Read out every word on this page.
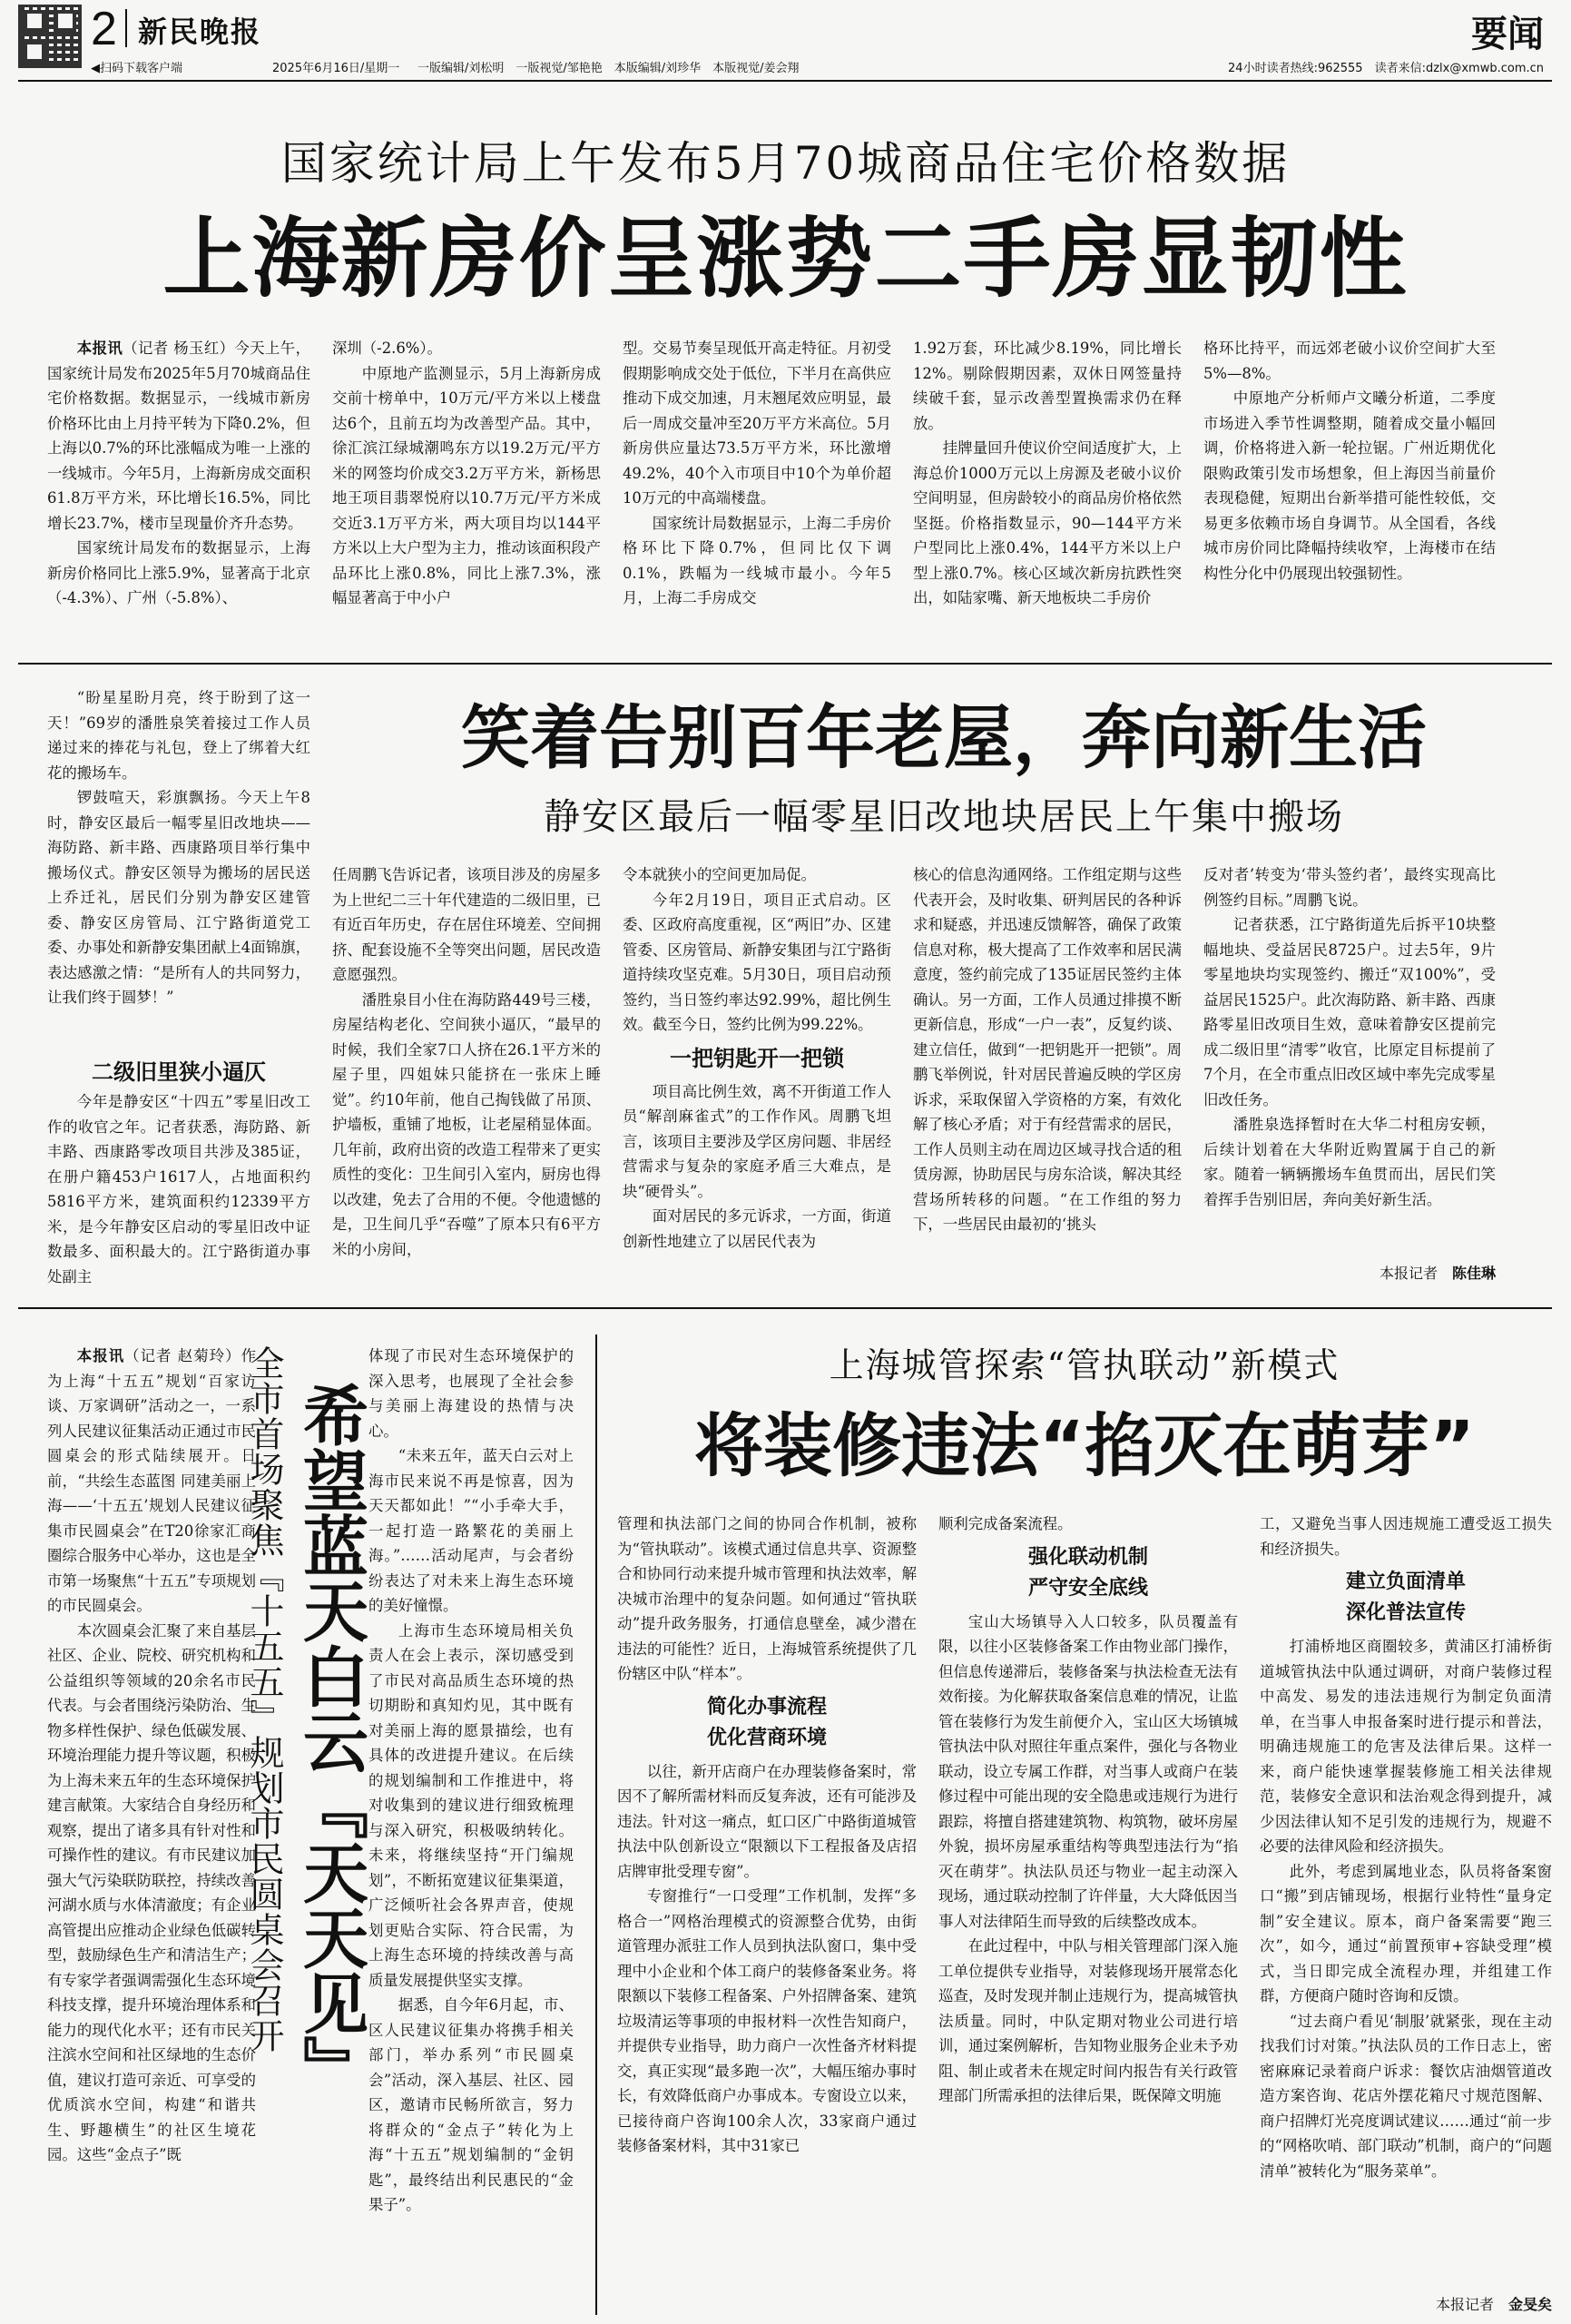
2 新民晚报	要闻
◀扫码下载客户端	2025年6月16日/星期一 一版编辑/刘松明　一版视觉/邹艳艳　本版编辑/刘珍华　本版视觉/姜会翔	24小时读者热线:962555　读者来信:dzlx@xmwb.com.cn
国家统计局上午发布5月70城商品住宅价格数据
上海新房价呈涨势二手房显韧性

本报讯（记者 杨玉红）今天上午，国家统计局发布2025年5月70城商品住宅价格数据。数据显示，一线城市新房价格环比由上月持平转为下降0.2%，但上海以0.7%的环比涨幅成为唯一上涨的一线城市。今年5月，上海新房成交面积61.8万平方米，环比增长16.5%，同比增长23.7%，楼市呈现量价齐升态势。

国家统计局发布的数据显示，上海新房价格同比上涨5.9%，显著高于北京（-4.3%）、广州（-5.8%）、

深圳（-2.6%）。

中原地产监测显示，5月上海新房成交前十榜单中，10万元/平方米以上楼盘达6个，且前五均为改善型产品。其中，徐汇滨江绿城潮鸣东方以19.2万元/平方米的网签均价成交3.2万平方米，新杨思地王项目翡翠悦府以10.7万元/平方米成交近3.1万平方米，两大项目均以144平方米以上大户型为主力，推动该面积段产品环比上涨0.8%，同比上涨7.3%，涨幅显著高于中小户

型。交易节奏呈现低开高走特征。月初受假期影响成交处于低位，下半月在高供应推动下成交加速，月末翘尾效应明显，最后一周成交量冲至20万平方米高位。5月新房供应量达73.5万平方米，环比激增49.2%，40个入市项目中10个为单价超10万元的中高端楼盘。

国家统计局数据显示，上海二手房价格环比下降0.7%，但同比仅下调0.1%，跌幅为一线城市最小。今年5月，上海二手房成交

1.92万套，环比减少8.19%，同比增长12%。剔除假期因素，双休日网签量持续破千套，显示改善型置换需求仍在释放。

挂牌量回升使议价空间适度扩大，上海总价1000万元以上房源及老破小议价空间明显，但房龄较小的商品房价格依然坚挺。价格指数显示，90—144平方米户型同比上涨0.4%，144平方米以上户型上涨0.7%。核心区域次新房抗跌性突出，如陆家嘴、新天地板块二手房价

格环比持平，而远郊老破小议价空间扩大至5%—8%。

中原地产分析师卢文曦分析道，二季度市场进入季节性调整期，随着成交量小幅回调，价格将进入新一轮拉锯。广州近期优化限购政策引发市场想象，但上海因当前量价表现稳健，短期出台新举措可能性较低，交易更多依赖市场自身调节。从全国看，各线城市房价同比降幅持续收窄，上海楼市在结构性分化中仍展现出较强韧性。

“盼星星盼月亮，终于盼到了这一天！”69岁的潘胜泉笑着接过工作人员递过来的捧花与礼包，登上了绑着大红花的搬场车。

锣鼓喧天，彩旗飘扬。今天上午8时，静安区最后一幅零星旧改地块——海防路、新丰路、西康路项目举行集中搬场仪式。静安区领导为搬场的居民送上乔迁礼，居民们分别为静安区建管委、静安区房管局、江宁路街道党工委、办事处和新静安集团献上4面锦旗，表达感激之情：“是所有人的共同努力，让我们终于圆梦！”

二级旧里狭小逼仄

今年是静安区“十四五”零星旧改工作的收官之年。记者获悉，海防路、新丰路、西康路零改项目共涉及385证，在册户籍453户1617人，占地面积约5816平方米，建筑面积约12339平方米，是今年静安区启动的零星旧改中证数最多、面积最大的。江宁路街道办事处副主

笑着告别百年老屋，奔向新生活
静安区最后一幅零星旧改地块居民上午集中搬场

任周鹏飞告诉记者，该项目涉及的房屋多为上世纪二三十年代建造的二级旧里，已有近百年历史，存在居住环境差、空间拥挤、配套设施不全等突出问题，居民改造意愿强烈。

潘胜泉目小住在海防路449号三楼，房屋结构老化、空间狭小逼仄，“最早的时候，我们全家7口人挤在26.1平方米的屋子里，四姐妹只能挤在一张床上睡觉”。约10年前，他自己掏钱做了吊顶、护墙板，重铺了地板，让老屋稍显体面。几年前，政府出资的改造工程带来了更实质性的变化：卫生间引入室内，厨房也得以改建，免去了合用的不便。令他遗憾的是，卫生间几乎“吞噬”了原本只有6平方米的小房间，

令本就狭小的空间更加局促。

今年2月19日，项目正式启动。区委、区政府高度重视，区“两旧”办、区建管委、区房管局、新静安集团与江宁路街道持续攻坚克难。5月30日，项目启动预签约，当日签约率达92.99%，超比例生效。截至今日，签约比例为99.22%。

一把钥匙开一把锁

项目高比例生效，离不开街道工作人员“解剖麻雀式”的工作作风。周鹏飞坦言，该项目主要涉及学区房问题、非居经营需求与复杂的家庭矛盾三大难点，是块“硬骨头”。

面对居民的多元诉求，一方面，街道创新性地建立了以居民代表为

核心的信息沟通网络。工作组定期与这些代表开会，及时收集、研判居民的各种诉求和疑惑，并迅速反馈解答，确保了政策信息对称，极大提高了工作效率和居民满意度，签约前完成了135证居民签约主体确认。另一方面，工作人员通过排摸不断更新信息，形成“一户一表”，反复约谈、建立信任，做到“一把钥匙开一把锁”。周鹏飞举例说，针对居民普遍反映的学区房诉求，采取保留入学资格的方案，有效化解了核心矛盾；对于有经营需求的居民，工作人员则主动在周边区域寻找合适的租赁房源，协助居民与房东洽谈，解决其经营场所转移的问题。“在工作组的努力下，一些居民由最初的‘挑头

反对者’转变为‘带头签约者’，最终实现高比例签约目标。”周鹏飞说。

记者获悉，江宁路街道先后拆平10块整幅地块、受益居民8725户。过去5年，9片零星地块均实现签约、搬迁“双100%”，受益居民1525户。此次海防路、新丰路、西康路零星旧改项目生效，意味着静安区提前完成二级旧里“清零”收官，比原定目标提前了7个月，在全市重点旧改区域中率先完成零星旧改任务。

潘胜泉选择暂时在大华二村租房安顿，后续计划着在大华附近购置属于自己的新家。随着一辆辆搬场车鱼贯而出，居民们笑着挥手告别旧居，奔向美好新生活。

本报记者　 陈佳琳

本报讯（记者 赵菊玲）作为上海“十五五”规划“百家访谈、万家调研”活动之一，一系列人民建议征集活动正通过市民圆桌会的形式陆续展开。日前，“共绘生态蓝图 同建美丽上海——‘十五五’规划人民建议征集市民圆桌会”在T20徐家汇商圈综合服务中心举办，这也是全市第一场聚焦“十五五”专项规划的市民圆桌会。

本次圆桌会汇聚了来自基层社区、企业、院校、研究机构和公益组织等领域的20余名市民代表。与会者围绕污染防治、生物多样性保护、绿色低碳发展、环境治理能力提升等议题，积极为上海未来五年的生态环境保护建言献策。大家结合自身经历和观察，提出了诸多具有针对性和可操作性的建议。有市民建议加强大气污染联防联控，持续改善河湖水质与水体清澈度；有企业高管提出应推动企业绿色低碳转型，鼓励绿色生产和清洁生产；有专家学者强调需强化生态环境科技支撑，提升环境治理体系和能力的现代化水平；还有市民关注滨水空间和社区绿地的生态价值，建议打造可亲近、可享受的优质滨水空间，构建“和谐共生、野趣横生”的社区生境花园。这些“金点子”既

全市首场聚焦『十五五』规划市民圆桌会召开 希望蓝天白云『天天见』

体现了市民对生态环境保护的深入思考，也展现了全社会参与美丽上海建设的热情与决心。

“未来五年，蓝天白云对上海市民来说不再是惊喜，因为天天都如此！”“小手牵大手，一起打造一路繁花的美丽上海。”……活动尾声，与会者纷纷表达了对未来上海生态环境的美好憧憬。

上海市生态环境局相关负责人在会上表示，深切感受到了市民对高品质生态环境的热切期盼和真知灼见，其中既有对美丽上海的愿景描绘，也有具体的改进提升建议。在后续的规划编制和工作推进中，将对收集到的建议进行细致梳理与深入研究，积极吸纳转化。未来，将继续坚持“开门编规划”，不断拓宽建议征集渠道，广泛倾听社会各界声音，使规划更贴合实际、符合民需，为上海生态环境的持续改善与高质量发展提供坚实支撑。

据悉，自今年6月起，市、区人民建议征集办将携手相关部门，举办系列“市民圆桌会”活动，深入基层、社区、园区，邀请市民畅所欲言，努力将群众的“金点子”转化为上海“十五五”规划编制的“金钥匙”，最终结出利民惠民的“金果子”。

上海城管探索“管执联动”新模式
将装修违法“掐灭在萌芽”

管理和执法部门之间的协同合作机制，被称为“管执联动”。该模式通过信息共享、资源整合和协同行动来提升城市管理和执法效率，解决城市治理中的复杂问题。如何通过“管执联动”提升政务服务，打通信息壁垒，减少潜在违法的可能性？近日，上海城管系统提供了几份辖区中队“样本”。

简化办事流程
优化营商环境

以往，新开店商户在办理装修备案时，常因不了解所需材料而反复奔波，还有可能涉及违法。针对这一痛点，虹口区广中路街道城管执法中队创新设立“限额以下工程报备及店招店牌审批受理专窗”。

专窗推行“一口受理”工作机制，发挥“多格合一”网格治理模式的资源整合优势，由街道管理办派驻工作人员到执法队窗口，集中受理中小企业和个体工商户的装修备案业务。将限额以下装修工程备案、户外招牌备案、建筑垃圾清运等事项的申报材料一次性告知商户，并提供专业指导，助力商户一次性备齐材料提交，真正实现“最多跑一次”，大幅压缩办事时长，有效降低商户办事成本。专窗设立以来，已接待商户咨询100余人次，33家商户通过装修备案材料，其中31家已

顺利完成备案流程。

强化联动机制
严守安全底线

宝山大场镇导入人口较多，队员覆盖有限，以往小区装修备案工作由物业部门操作，但信息传递滞后，装修备案与执法检查无法有效衔接。为化解获取备案信息难的情况，让监管在装修行为发生前便介入，宝山区大场镇城管执法中队对照往年重点案件，强化与各物业联动，设立专属工作群，对当事人或商户在装修过程中可能出现的安全隐患或违规行为进行跟踪，将擅自搭建建筑物、构筑物，破坏房屋外貌，损坏房屋承重结构等典型违法行为“掐灭在萌芽”。执法队员还与物业一起主动深入现场，通过联动控制了许伴量，大大降低因当事人对法律陌生而导致的后续整改成本。

在此过程中，中队与相关管理部门深入施工单位提供专业指导，对装修现场开展常态化巡查，及时发现并制止违规行为，提高城管执法质量。同时，中队定期对物业公司进行培训，通过案例解析，告知物业服务企业未予劝阻、制止或者未在规定时间内报告有关行政管理部门所需承担的法律后果，既保障文明施

工，又避免当事人因违规施工遭受返工损失和经济损失。

建立负面清单
深化普法宣传

打浦桥地区商圈较多，黄浦区打浦桥街道城管执法中队通过调研，对商户装修过程中高发、易发的违法违规行为制定负面清单，在当事人申报备案时进行提示和普法，明确违规施工的危害及法律后果。这样一来，商户能快速掌握装修施工相关法律规范，装修安全意识和法治观念得到提升，减少因法律认知不足引发的违规行为，规避不必要的法律风险和经济损失。

此外，考虑到属地业态，队员将备案窗口“搬”到店铺现场，根据行业特性“量身定制”安全建议。原本，商户备案需要“跑三次”，如今，通过“前置预审+容缺受理”模式，当日即完成全流程办理，并组建工作群，方便商户随时咨询和反馈。

“过去商户看见‘制服’就紧张，现在主动找我们讨对策。”执法队员的工作日志上，密密麻麻记录着商户诉求：餐饮店油烟管道改造方案咨询、花店外摆花箱尺寸规范图解、商户招牌灯光亮度调试建议……通过“前一步的“网格吹哨、部门联动”机制，商户的“问题清单”被转化为“服务菜单”。

本报记者　 金旻矣
